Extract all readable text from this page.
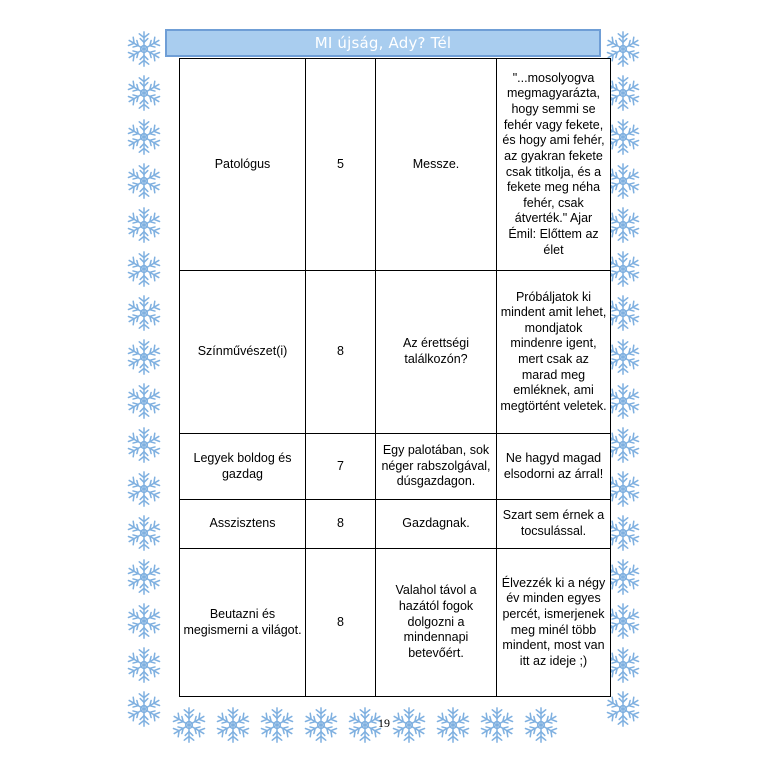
MI újság, Ady? Tél
Patológus	5	Messze.	"...mosolyogva megmagyarázta, hogy semmi se fehér vagy fekete, és hogy ami fehér, az gyakran fekete csak titkolja, és a fekete meg néha fehér, csak átverték." Ajar Émil: Előttem az élet
Színművészet(i)	8	Az érettségi találkozón?	Próbáljatok ki mindent amit lehet, mondjatok mindenre igent, mert csak az marad meg emléknek, ami megtörtént veletek.
Legyek boldog és gazdag	7	Egy palotában, sok néger rabszolgával, dúsgazdagon.	Ne hagyd magad elsodorni az árral!
Asszisztens	8	Gazdagnak.	Szart sem érnek a tocsulással.
Beutazni és megismerni a világot.	8	Valahol távol a hazától fogok dolgozni a mindennapi betevőért.	Élvezzék ki a négy év minden egyes percét, ismerjenek meg minél több mindent, most van itt az ideje ;)
19
